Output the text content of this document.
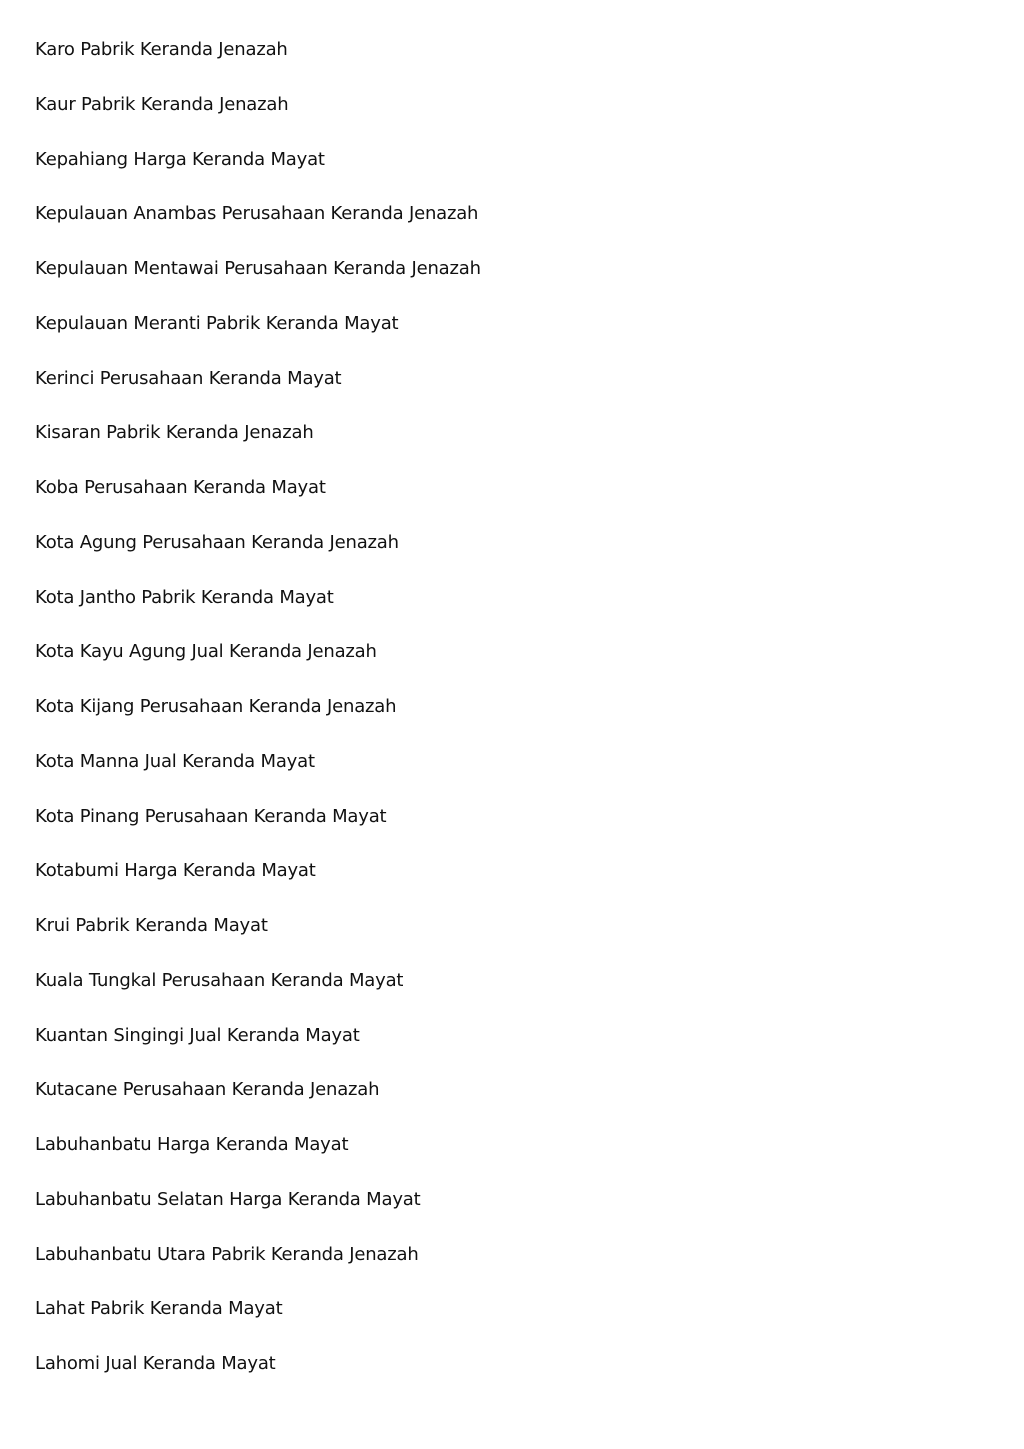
Karo Pabrik Keranda Jenazah
Kaur Pabrik Keranda Jenazah
Kepahiang Harga Keranda Mayat
Kepulauan Anambas Perusahaan Keranda Jenazah
Kepulauan Mentawai Perusahaan Keranda Jenazah
Kepulauan Meranti Pabrik Keranda Mayat
Kerinci Perusahaan Keranda Mayat
Kisaran Pabrik Keranda Jenazah
Koba Perusahaan Keranda Mayat
Kota Agung Perusahaan Keranda Jenazah
Kota Jantho Pabrik Keranda Mayat
Kota Kayu Agung Jual Keranda Jenazah
Kota Kijang Perusahaan Keranda Jenazah
Kota Manna Jual Keranda Mayat
Kota Pinang Perusahaan Keranda Mayat
Kotabumi Harga Keranda Mayat
Krui Pabrik Keranda Mayat
Kuala Tungkal Perusahaan Keranda Mayat
Kuantan Singingi Jual Keranda Mayat
Kutacane Perusahaan Keranda Jenazah
Labuhanbatu Harga Keranda Mayat
Labuhanbatu Selatan Harga Keranda Mayat
Labuhanbatu Utara Pabrik Keranda Jenazah
Lahat Pabrik Keranda Mayat
Lahomi Jual Keranda Mayat
